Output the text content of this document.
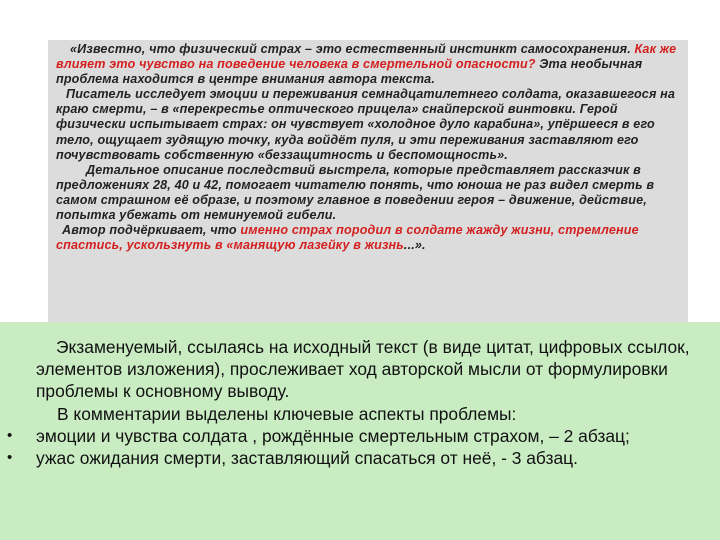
«Известно, что физический страх – это естественный инстинкт самосохранения. Как же влияет это чувство на поведение человека в смертельной опасности? Эта необычная проблема находится в центре внимания автора текста.

Писатель исследует эмоции и переживания семнадцатилетнего солдата, оказавшегося на краю смерти, – в «перекрестье оптического прицела» снайперской винтовки. Герой физически испытывает страх: он чувствует «холодное дуло карабина», упёршееся в его тело, ощущает зудящую точку, куда войдёт пуля, и эти переживания заставляют его почувствовать собственную «беззащитность и беспомощность».

Детальное описание последствий выстрела, которые представляет рассказчик в предложениях 28, 40 и 42, помогает читателю понять, что юноша не раз видел смерть в самом страшном её образе, и поэтому главное в поведении героя – движение, действие, попытка убежать от неминуемой гибели.

Автор подчёркивает, что именно страх породил в солдате жажду жизни, стремление спастись, ускользнуть в «манящую лазейку в жизнь...».

Экзаменуемый, ссылаясь на исходный текст (в виде цитат, цифровых ссылок, элементов изложения), прослеживает ход авторской мысли от формулировки проблемы к основному выводу.

В комментарии выделены ключевые аспекты проблемы:

• эмоции и чувства солдата , рождённые смертельным страхом, – 2 абзац;
• ужас ожидания смерти, заставляющий спасаться от неё, - 3 абзац.
